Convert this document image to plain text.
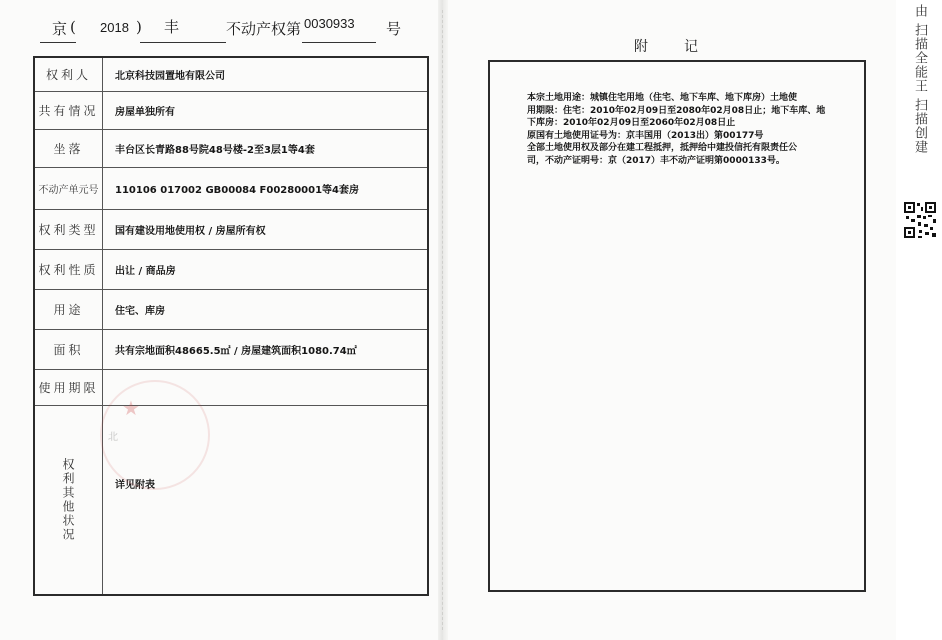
京 ( 2018 ) 丰	不动产权第 0030933 号
权利人	北京科技园置地有限公司
共有情况	房屋单独所有
坐落	丰台区长青路88号院48号楼-2至3层1等4套
不动产单元号	110106 017002 GB00084 F00280001等4套房
权利类型	国有建设用地使用权 / 房屋所有权
权利性质	出让 / 商品房
用途	住宅、库房
面积	共有宗地面积48665.5㎡ / 房屋建筑面积1080.74㎡
使用期限
权利其他状况	详见附表
★
北
附记

本宗土地用途：城镇住宅用地（住宅、地下车库、地下库房）土地使

用期限：住宅：2010年02月09日至2080年02月08日止；地下车库、地

下库房：2010年02月09日至2060年02月08日止

原国有土地使用证号为：京丰国用（2013出）第00177号

全部土地使用权及部分在建工程抵押，抵押给中建投信托有限责任公

司，不动产证明号：京（2017）丰不动产证明第0000133号。

由 扫描全能王 扫描创建
